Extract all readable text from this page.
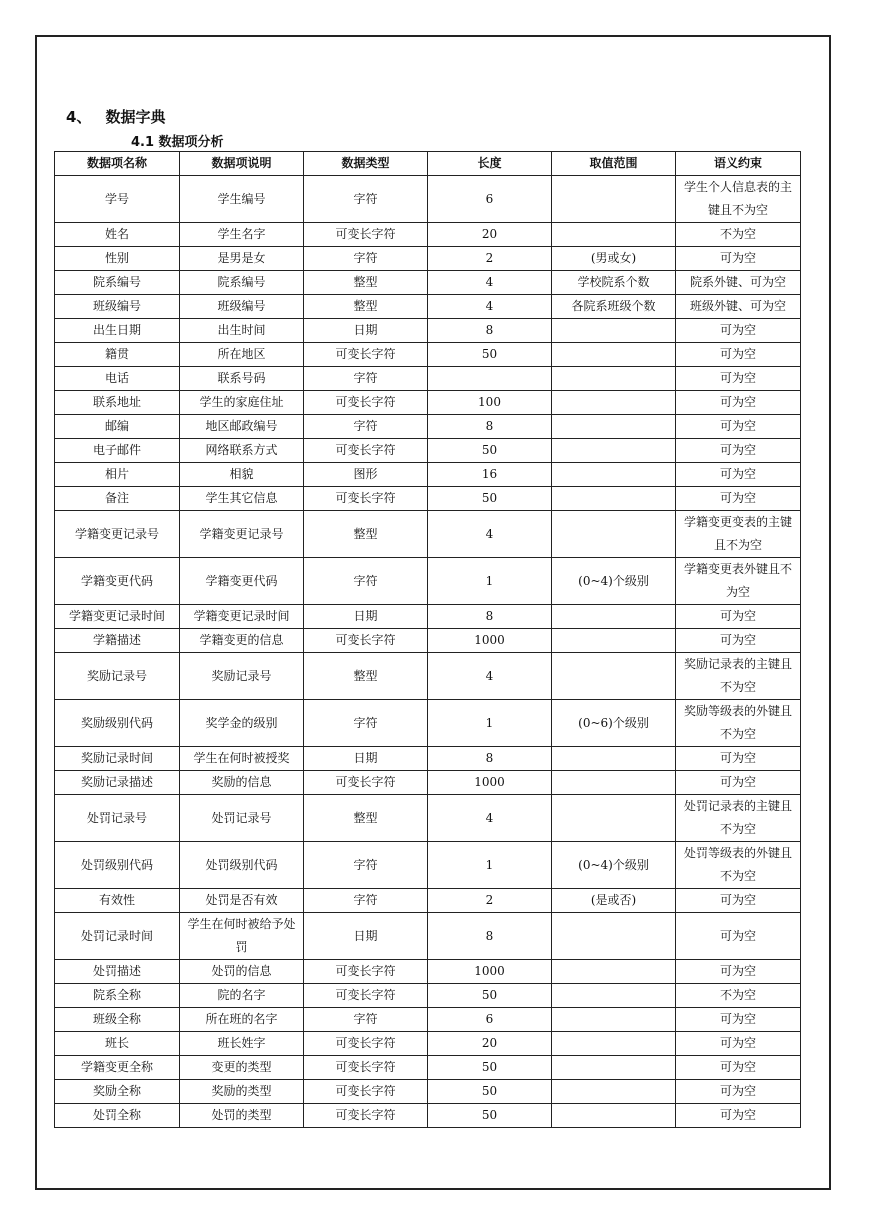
4、 数据字典
4.1 数据项分析
数据项名称	数据项说明	数据类型	长度	取值范围	语义约束
学号	学生编号	字符	6		学生个人信息表的主键且不为空
姓名	学生名字	可变长字符	20		不为空
性别	是男是女	字符	2	(男或女)	可为空
院系编号	院系编号	整型	4	学校院系个数	院系外键、可为空
班级编号	班级编号	整型	4	各院系班级个数	班级外键、可为空
出生日期	出生时间	日期	8		可为空
籍贯	所在地区	可变长字符	50		可为空
电话	联系号码	字符			可为空
联系地址	学生的家庭住址	可变长字符	100		可为空
邮编	地区邮政编号	字符	8		可为空
电子邮件	网络联系方式	可变长字符	50		可为空
相片	相貌	图形	16		可为空
备注	学生其它信息	可变长字符	50		可为空
学籍变更记录号	学籍变更记录号	整型	4		学籍变更变表的主键且不为空
学籍变更代码	学籍变更代码	字符	1	(0~4)个级别	学籍变更表外键且不为空
学籍变更记录时间	学籍变更记录时间	日期	8		可为空
学籍描述	学籍变更的信息	可变长字符	1000		可为空
奖励记录号	奖励记录号	整型	4		奖励记录表的主键且不为空
奖励级别代码	奖学金的级别	字符	1	(0~6)个级别	奖励等级表的外键且不为空
奖励记录时间	学生在何时被授奖	日期	8		可为空
奖励记录描述	奖励的信息	可变长字符	1000		可为空
处罚记录号	处罚记录号	整型	4		处罚记录表的主键且不为空
处罚级别代码	处罚级别代码	字符	1	(0~4)个级别	处罚等级表的外键且不为空
有效性	处罚是否有效	字符	2	(是或否)	可为空
处罚记录时间	学生在何时被给予处罚	日期	8		可为空
处罚描述	处罚的信息	可变长字符	1000		可为空
院系全称	院的名字	可变长字符	50		不为空
班级全称	所在班的名字	字符	6		可为空
班长	班长姓字	可变长字符	20		可为空
学籍变更全称	变更的类型	可变长字符	50		可为空
奖励全称	奖励的类型	可变长字符	50		可为空
处罚全称	处罚的类型	可变长字符	50		可为空
